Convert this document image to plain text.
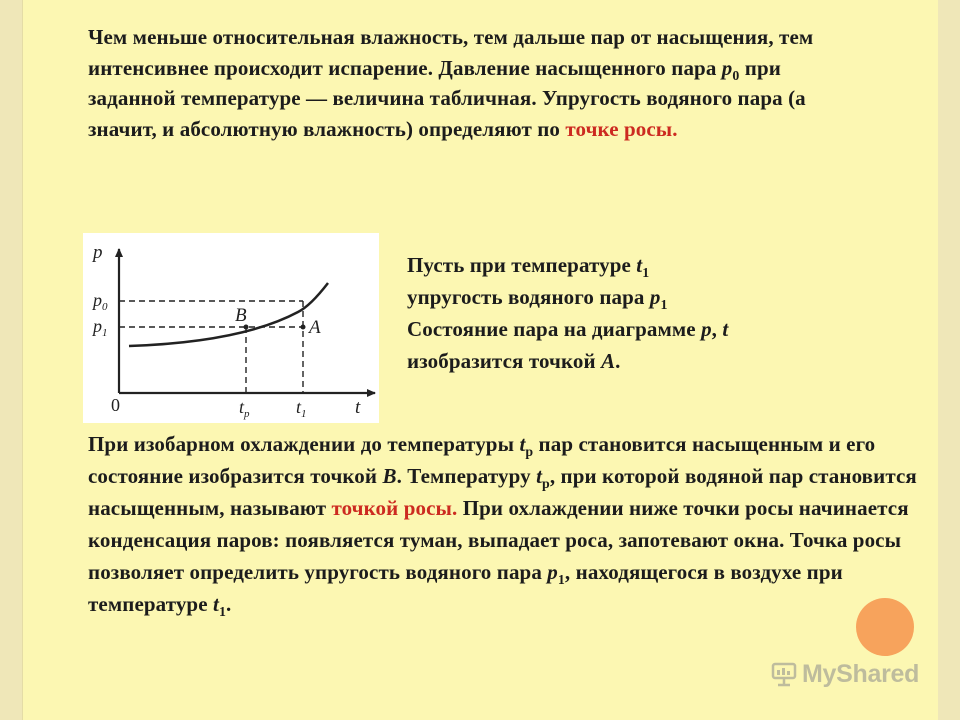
Чем меньше относительная влажность, тем дальше пар от насыщения, тем интенсивнее происходит испарение. Давление насыщенного пара $p_0$ при заданной температуре — величина табличная. Упругость водяного пара (а значит, и абсолютную влажность) определяют по точке росы.

p
t
0
$p_0$
$p_1$
$t_р$	$t_1$
B
A

Пусть при температуре $t_1$
упругость водяного пара $p_1$
Состояние пара на диаграмме p, t
изобразится точкой А.

При изобарном охлаждении до температуры $t_р$ пар становится насыщенным и его состояние изобразится точкой В. Температуру $t_р$, при которой водяной пар становится насыщенным, называют точкой росы. При охлаждении ниже точки росы начинается конденсация паров: появляется туман, выпадает роса, запотевают окна. Точка росы позволяет определить упругость водяного пара $p_1$, находящегося в воздухе при температуре $t_1$.

MyShared
